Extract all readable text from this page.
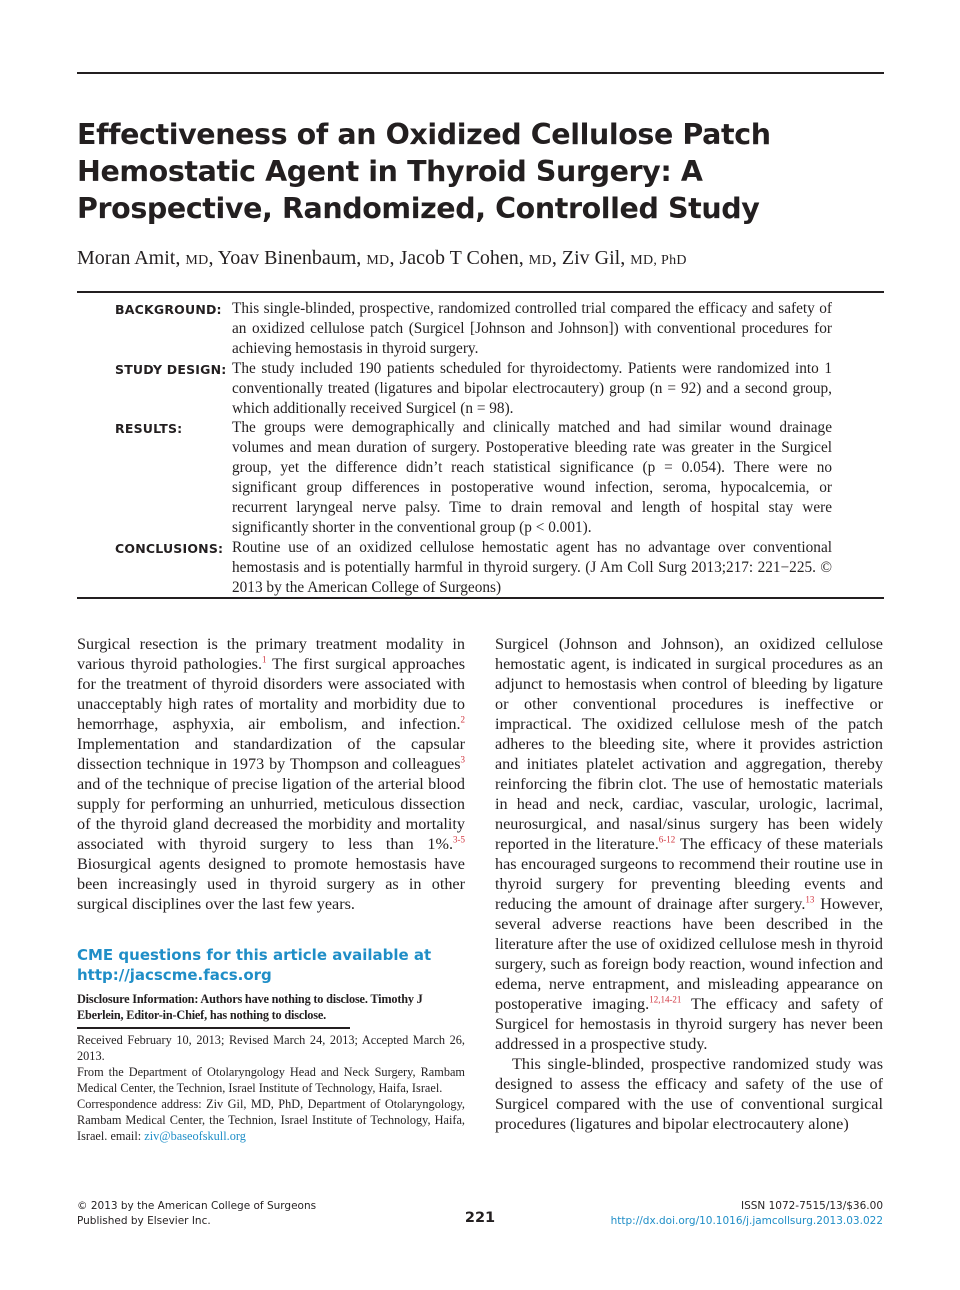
Effectiveness of an Oxidized Cellulose Patch Hemostatic Agent in Thyroid Surgery: A Prospective, Randomized, Controlled Study
Moran Amit, MD, Yoav Binenbaum, MD, Jacob T Cohen, MD, Ziv Gil, MD, PhD
BACKGROUND: This single-blinded, prospective, randomized controlled trial compared the efficacy and safety of an oxidized cellulose patch (Surgicel [Johnson and Johnson]) with conventional procedures for achieving hemostasis in thyroid surgery.
STUDY DESIGN: The study included 190 patients scheduled for thyroidectomy. Patients were randomized into 1 conventionally treated (ligatures and bipolar electrocautery) group (n = 92) and a second group, which additionally received Surgicel (n = 98).
RESULTS:	The groups were demographically and clinically matched and had similar wound drainage volumes and mean duration of surgery. Postoperative bleeding rate was greater in the Surgicel group, yet the difference didn’t reach statistical significance (p = 0.054). There were no significant group differences in postoperative wound infection, seroma, hypocalcemia, or recurrent laryngeal nerve palsy. Time to drain removal and length of hospital stay were significantly shorter in the conventional group (p < 0.001).
CONCLUSIONS: Routine use of an oxidized cellulose hemostatic agent has no advantage over conventional hemostasis and is potentially harmful in thyroid surgery. (J Am Coll Surg 2013;217: 221−225. © 2013 by the American College of Surgeons)

Surgical resection is the primary treatment modality in various thyroid pathologies.$^1$ The first surgical approaches for the treatment of thyroid disorders were associated with unacceptably high rates of mortality and morbidity due to hemorrhage, asphyxia, air embolism, and infection.$^2$ Implementation and standardization of the capsular dissection technique in 1973 by Thompson and colleagues$^3$ and of the technique of precise ligation of the arterial blood supply for performing an unhurried, meticulous dissection of the thyroid gland decreased the morbidity and mortality associated with thyroid surgery to less than 1%.$^{3-5}$ Biosurgical agents designed to promote hemostasis have been increasingly used in thyroid surgery as in other surgical disciplines over the last few years.

CME questions for this article available at
http://jacscme.facs.org
Disclosure Information: Authors have nothing to disclose. Timothy J Eberlein, Editor-in-Chief, has nothing to disclose.

Received February 10, 2013; Revised March 24, 2013; Accepted March 26, 2013.

From the Department of Otolaryngology Head and Neck Surgery, Rambam Medical Center, the Technion, Israel Institute of Technology, Haifa, Israel.

Correspondence address: Ziv Gil, MD, PhD, Department of Otolaryngology, Rambam Medical Center, the Technion, Israel Institute of Technology, Haifa, Israel. email: ziv@baseofskull.org

Surgicel (Johnson and Johnson), an oxidized cellulose hemostatic agent, is indicated in surgical procedures as an adjunct to hemostasis when control of bleeding by ligature or other conventional procedures is ineffective or impractical. The oxidized cellulose mesh of the patch adheres to the bleeding site, where it provides astriction and initiates platelet activation and aggregation, thereby reinforcing the fibrin clot. The use of hemostatic materials in head and neck, cardiac, vascular, urologic, lacrimal, neurosurgical, and nasal/sinus surgery has been widely reported in the literature.$^{6-12}$ The efficacy of these materials has encouraged surgeons to recommend their routine use in thyroid surgery for preventing bleeding events and reducing the amount of drainage after surgery.$^{13}$ However, several adverse reactions have been described in the literature after the use of oxidized cellulose mesh in thyroid surgery, such as foreign body reaction, wound infection and edema, nerve entrapment, and misleading appearance on postoperative imaging.$^{12,14-21}$ The efficacy and safety of Surgicel for hemostasis in thyroid surgery has never been addressed in a prospective study.

This single-blinded, prospective randomized study was designed to assess the efficacy and safety of the use of Surgicel compared with the use of conventional surgical procedures (ligatures and bipolar electrocautery alone)

© 2013 by the American College of Surgeons
Published by Elsevier Inc.	221
ISSN 1072-7515/13/$36.00
http://dx.doi.org/10.1016/j.jamcollsurg.2013.03.022
